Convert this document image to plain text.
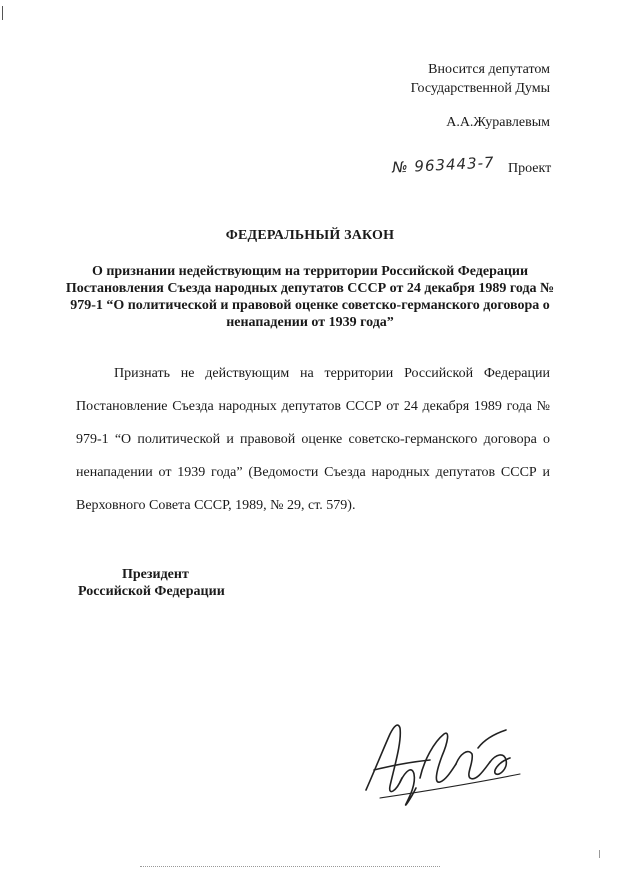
Вносится депутатом
Государственной Думы
А.А.Журавлевым
№ 963443-7 Проект
ФЕДЕРАЛЬНЫЙ ЗАКОН
О признании недействующим на территории Российской Федерации Постановления Съезда народных депутатов СССР от 24 декабря 1989 года № 979-1 “О политической и правовой оценке советско-германского договора о ненападении от 1939 года”
Признать не действующим на территории Российской Федерации Постановление Съезда народных депутатов СССР от 24 декабря 1989 года № 979-1 “О политической и правовой оценке советско-германского договора о ненападении от 1939 года” (Ведомости Съезда народных депутатов СССР и Верховного Совета СССР, 1989, № 29, ст. 579).
Президент
Российской Федерации
